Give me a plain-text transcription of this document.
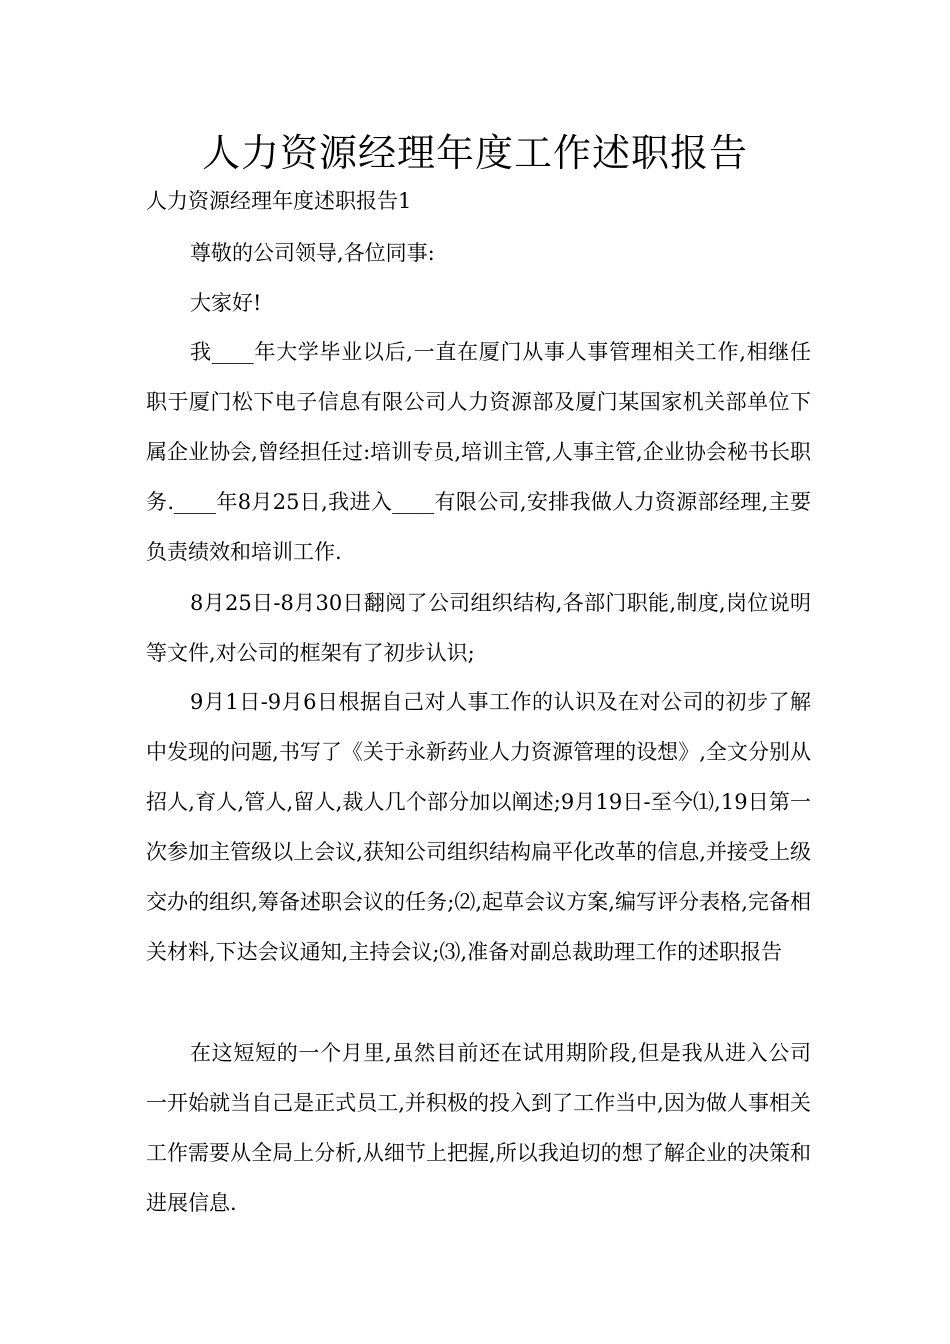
人力资源经理年度工作述职报告
人力资源经理年度述职报告1

尊敬的公司领导,各位同事:

大家好!

我____年大学毕业以后,一直在厦门从事人事管理相关工作,相继任职于厦门松下电子信息有限公司人力资源部及厦门某国家机关部单位下属企业协会,曾经担任过:培训专员,培训主管,人事主管,企业协会秘书长职务.____年8月25日,我进入____有限公司,安排我做人力资源部经理,主要负责绩效和培训工作.

8月25日-8月30日翻阅了公司组织结构,各部门职能,制度,岗位说明等文件,对公司的框架有了初步认识;

9月1日-9月6日根据自己对人事工作的认识及在对公司的初步了解中发现的问题,书写了《关于永新药业人力资源管理的设想》,全文分别从招人,育人,管人,留人,裁人几个部分加以阐述;9月19日-至今⑴,19日第一次参加主管级以上会议,获知公司组织结构扁平化改革的信息,并接受上级交办的组织,筹备述职会议的任务;⑵,起草会议方案,编写评分表格,完备相关材料,下达会议通知,主持会议;⑶,准备对副总裁助理工作的述职报告

在这短短的一个月里,虽然目前还在试用期阶段,但是我从进入公司一开始就当自己是正式员工,并积极的投入到了工作当中,因为做人事相关工作需要从全局上分析,从细节上把握,所以我迫切的想了解企业的决策和进展信息.
